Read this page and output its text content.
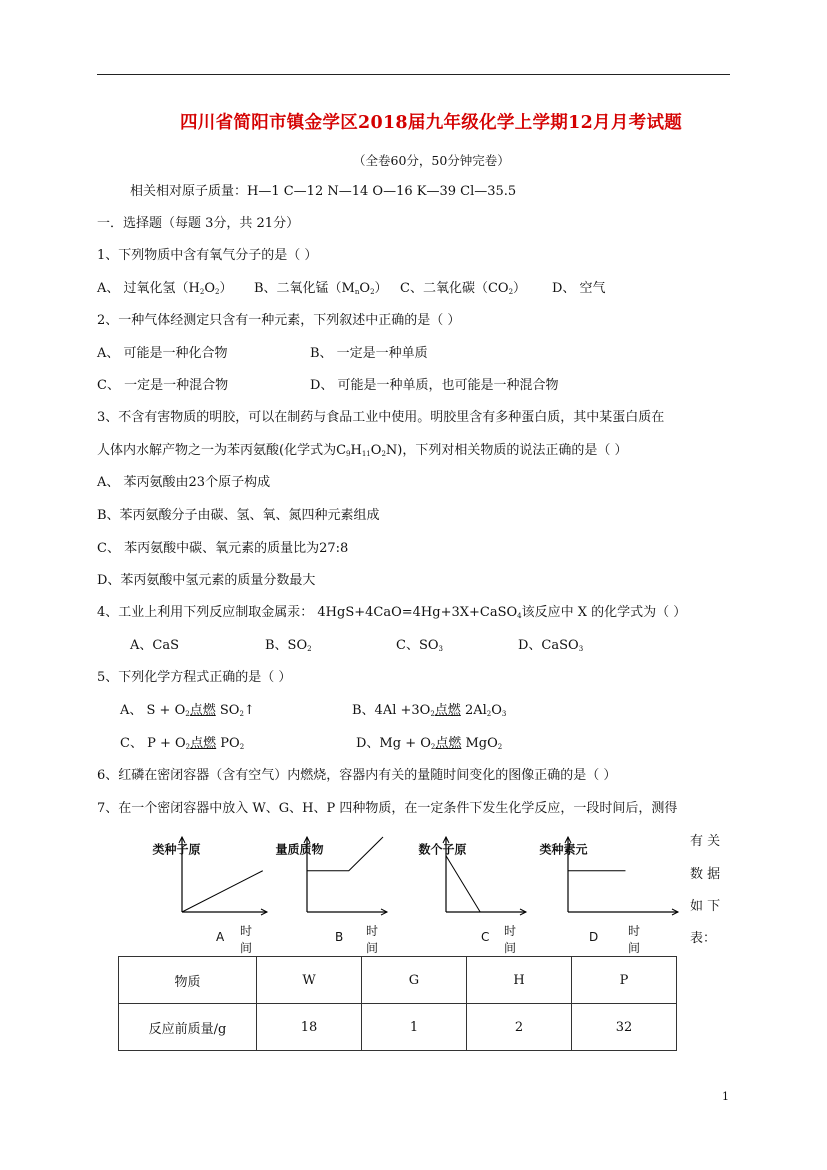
四川省简阳市镇金学区2018届九年级化学上学期12月月考试题
（全卷60分，50分钟完卷）
相关相对原子质量：H—1 C—12 N—14 O—16 K—39 Cl—35.5
一．选择题（每题 3分，共 21分）
1、下列物质中含有氧气分子的是（ ）
A、 过氧化氢$(H_2O_2)$ B、二氧化锰$(M_nO_2)$ C、二氧化碳$(CO_2)$ D、 空气
2、一种气体经测定只含有一种元素，下列叙述中正确的是（ ）
A、 可能是一种化合物	B、 一定是一种单质
C、 一定是一种混合物	D、 可能是一种单质，也可能是一种混合物
3、不含有害物质的明胶，可以在制药与食品工业中使用。明胶里含有多种蛋白质，其中某蛋白质在
人体内水解产物之一为苯丙氨酸(化学式为$C_9H_{11}O_2N$)，下列对相关物质的说法正确的是（ ）
A、 苯丙氨酸由23个原子构成
B、苯丙氨酸分子由碳、氢、氧、氮四种元素组成
C、 苯丙氨酸中碳、氧元素的质量比为27:8
D、苯丙氨酸中氢元素的质量分数最大
4、工业上利用下列反应制取金属汞： 4HgS+4CaO=4Hg+3X+CaSO$_4$该反应中 X 的化学式为（ ）
A、CaS	B、$SO_2$	C、$SO_3$	D、CaSO$_3$
5、下列化学方程式正确的是（ ）
A、 $S + O_2$点燃 $SO_2↑$	B、$4Al +3O_2$点燃 $2Al_2O_3$
C、 $P + O_2$点燃 $PO_2$	D、$Mg + O_2$点燃 MgO$_2$
6、红磷在密闭容器（含有空气）内燃烧，容器内有关的量随时间变化的图像正确的是（ ）
7、在一个密闭容器中放入 W、G、H、P 四种物质，在一定条件下发生化学反应，一段时间后，测得
有 关
数 据
如 下
表：
原子种类
时间
A
物质质量
时间
B
原子个数
时间
C
元素种类
时间
D
物质	W	G	H	P
反应前质量/g	18	1	2	32
1
